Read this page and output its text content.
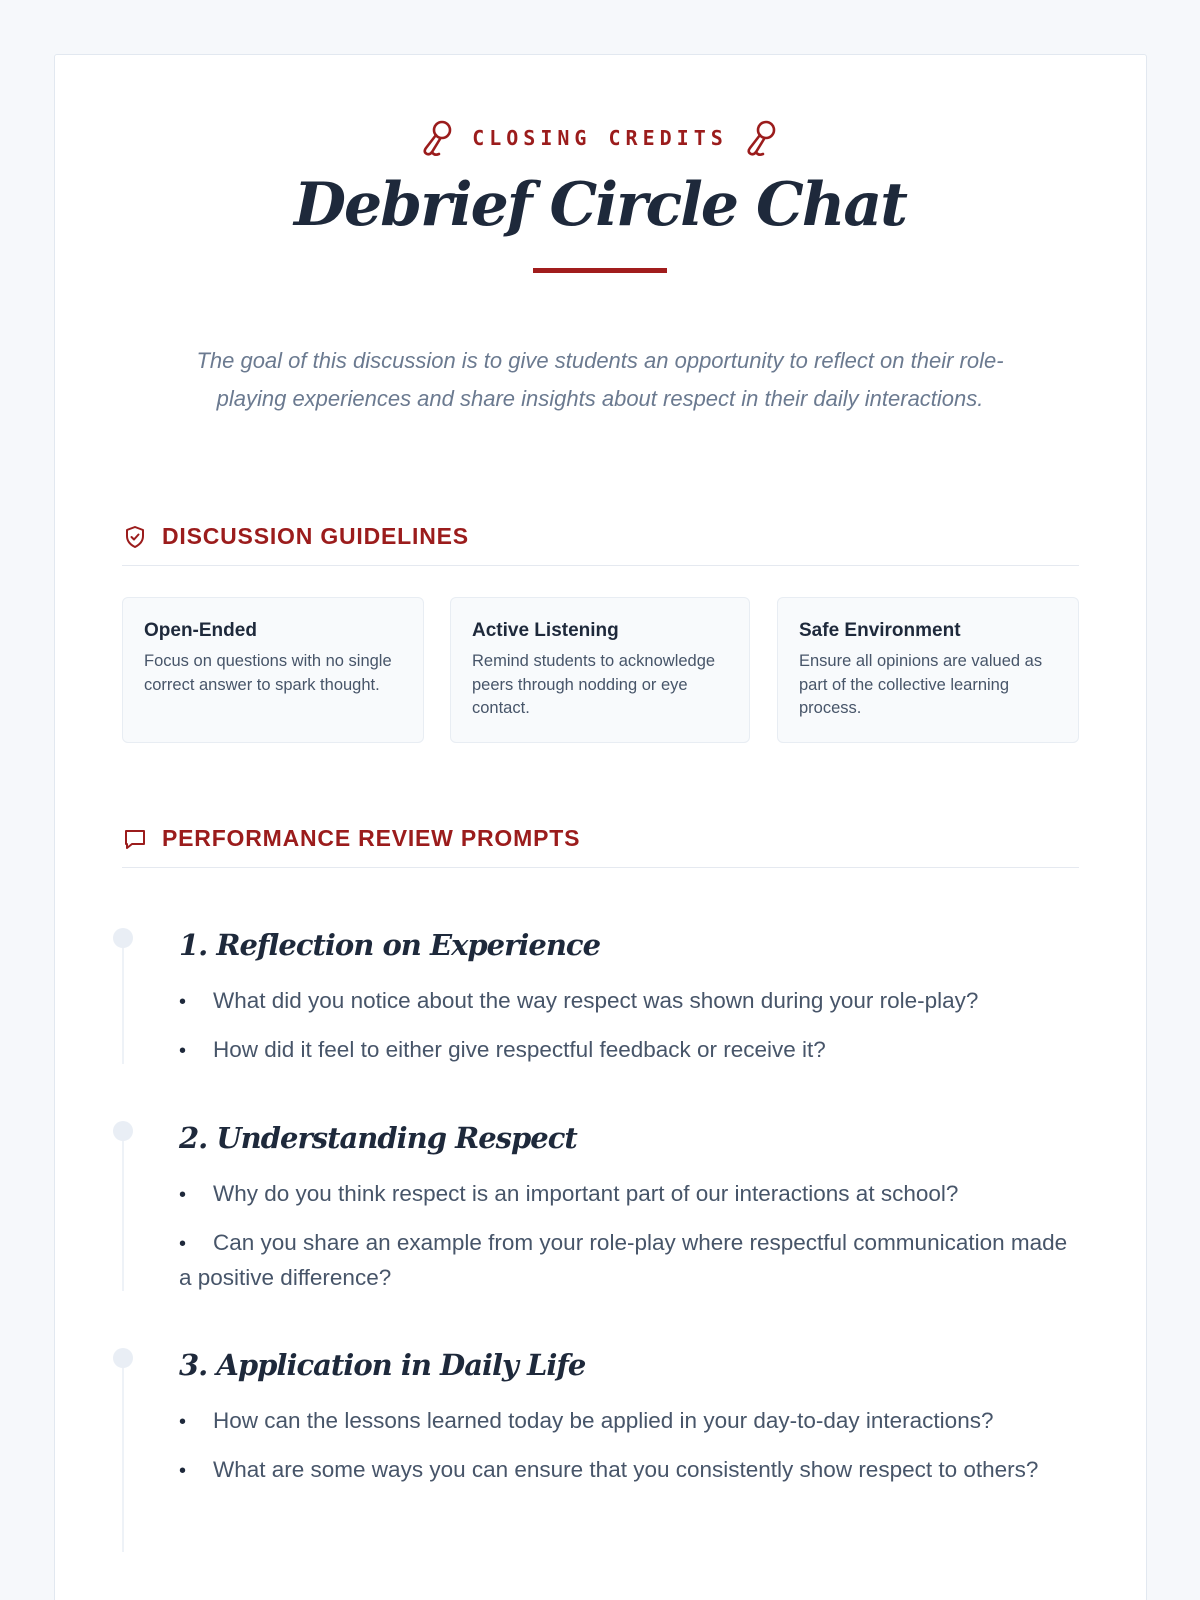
CLOSING CREDITS
Debrief Circle Chat

The goal of this discussion is to give students an opportunity to reflect on their role-playing experiences and share insights about respect in their daily interactions.

DISCUSSION GUIDELINES
Open-Ended
Focus on questions with no single correct answer to spark thought.
Active Listening
Remind students to acknowledge peers through nodding or eye contact.
Safe Environment
Ensure all opinions are valued as part of the collective learning process.
PERFORMANCE REVIEW PROMPTS
1. Reflection on Experience
• What did you notice about the way respect was shown during your role-play?
• How did it feel to either give respectful feedback or receive it?
2. Understanding Respect
• Why do you think respect is an important part of our interactions at school?
• Can you share an example from your role-play where respectful communication made a positive difference?
3. Application in Daily Life
• How can the lessons learned today be applied in your day-to-day interactions?
• What are some ways you can ensure that you consistently show respect to others?
